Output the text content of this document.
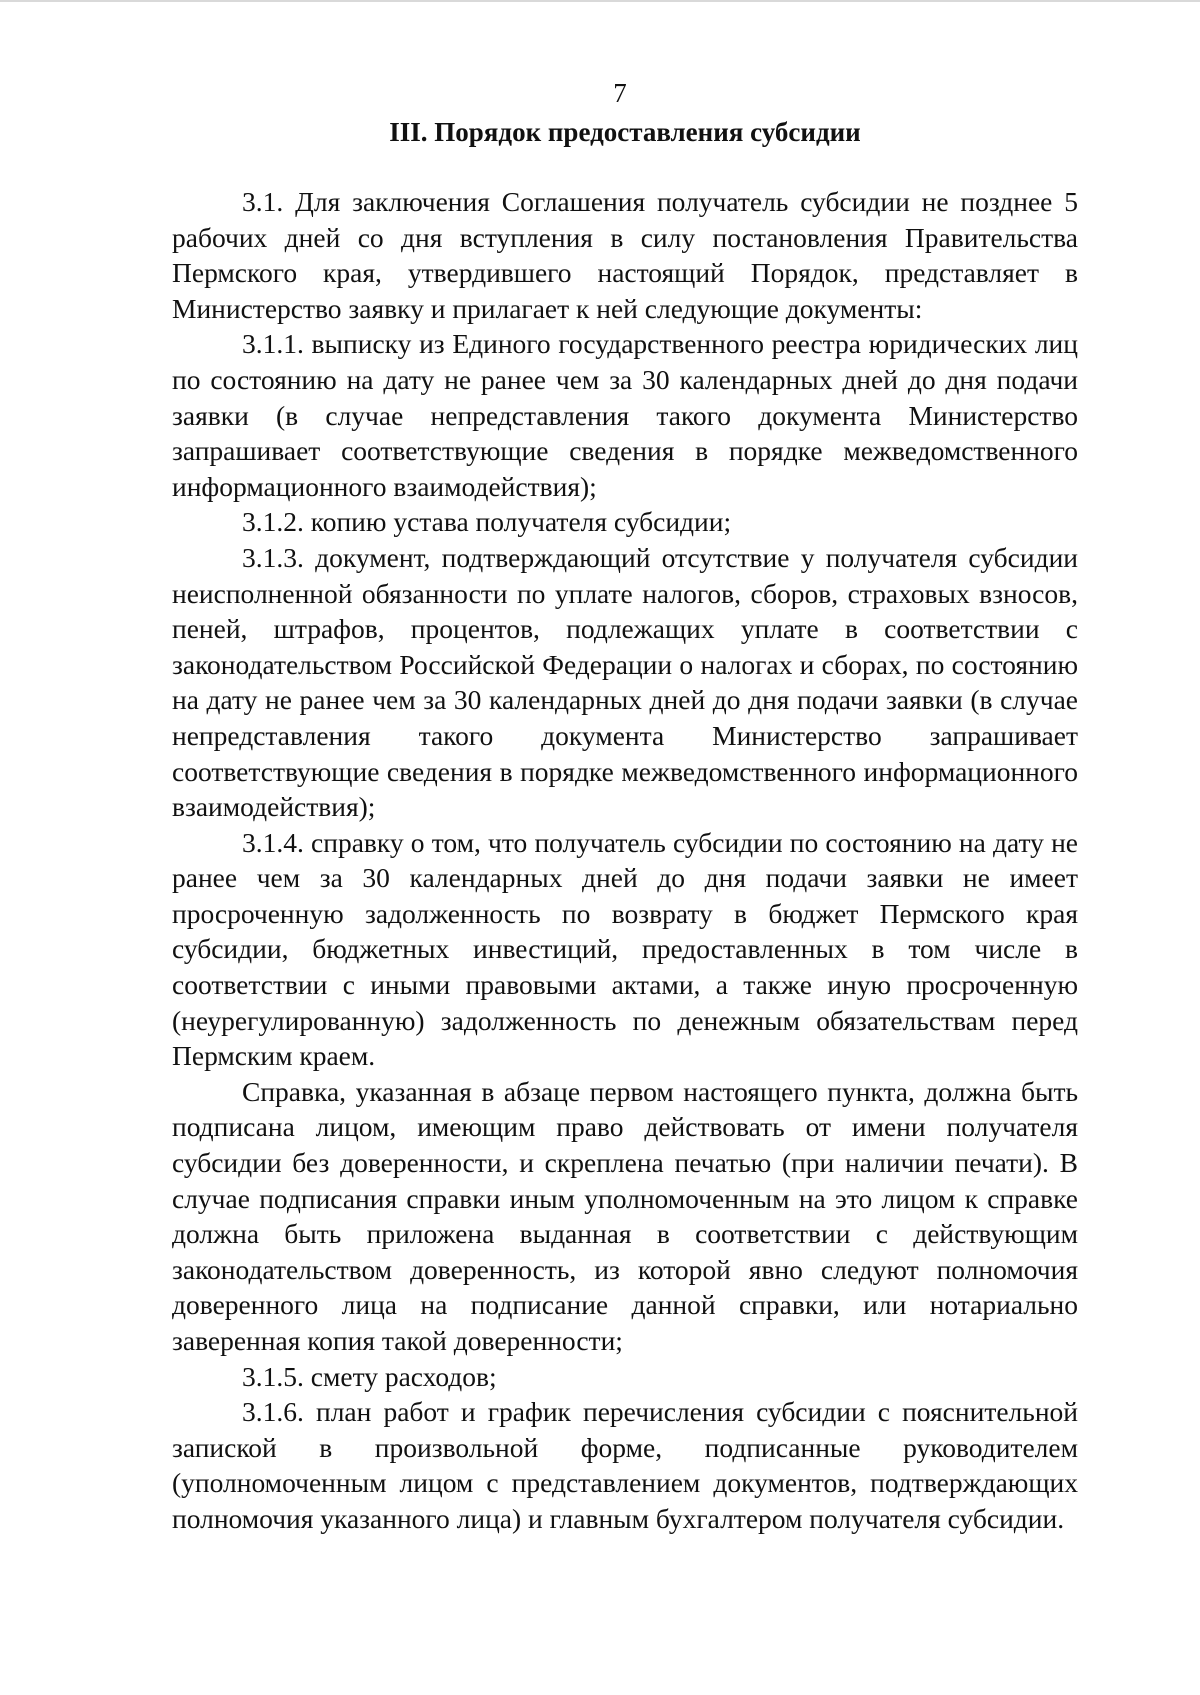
7
III. Порядок предоставления субсидии

3.1. Для заключения Соглашения получатель субсидии не позднее 5 рабочих дней со дня вступления в силу постановления Правительства Пермского края, утвердившего настоящий Порядок, представляет в Министерство заявку и прилагает к ней следующие документы:

3.1.1. выписку из Единого государственного реестра юридических лиц по состоянию на дату не ранее чем за 30 календарных дней до дня подачи заявки (в случае непредставления такого документа Министерство запрашивает соответствующие сведения в порядке межведомственного информационного взаимодействия);

3.1.2. копию устава получателя субсидии;

3.1.3. документ, подтверждающий отсутствие у получателя субсидии неисполненной обязанности по уплате налогов, сборов, страховых взносов, пеней, штрафов, процентов, подлежащих уплате в соответствии с законодательством Российской Федерации о налогах и сборах, по состоянию на дату не ранее чем за 30 календарных дней до дня подачи заявки (в случае непредставления такого документа Министерство запрашивает соответствующие сведения в порядке межведомственного информационного взаимодействия);

3.1.4. справку о том, что получатель субсидии по состоянию на дату не ранее чем за 30 календарных дней до дня подачи заявки не имеет просроченную задолженность по возврату в бюджет Пермского края субсидии, бюджетных инвестиций, предоставленных в том числе в соответствии с иными правовыми актами, а также иную просроченную (неурегулированную) задолженность по денежным обязательствам перед Пермским краем.

Справка, указанная в абзаце первом настоящего пункта, должна быть подписана лицом, имеющим право действовать от имени получателя субсидии без доверенности, и скреплена печатью (при наличии печати). В случае подписания справки иным уполномоченным на это лицом к справке должна быть приложена выданная в соответствии с действующим законодательством доверенность, из которой явно следуют полномочия доверенного лица на подписание данной справки, или нотариально заверенная копия такой доверенности;

3.1.5. смету расходов;

3.1.6. план работ и график перечисления субсидии с пояснительной запиской в произвольной форме, подписанные руководителем (уполномоченным лицом с представлением документов, подтверждающих полномочия указанного лица) и главным бухгалтером получателя субсидии.
